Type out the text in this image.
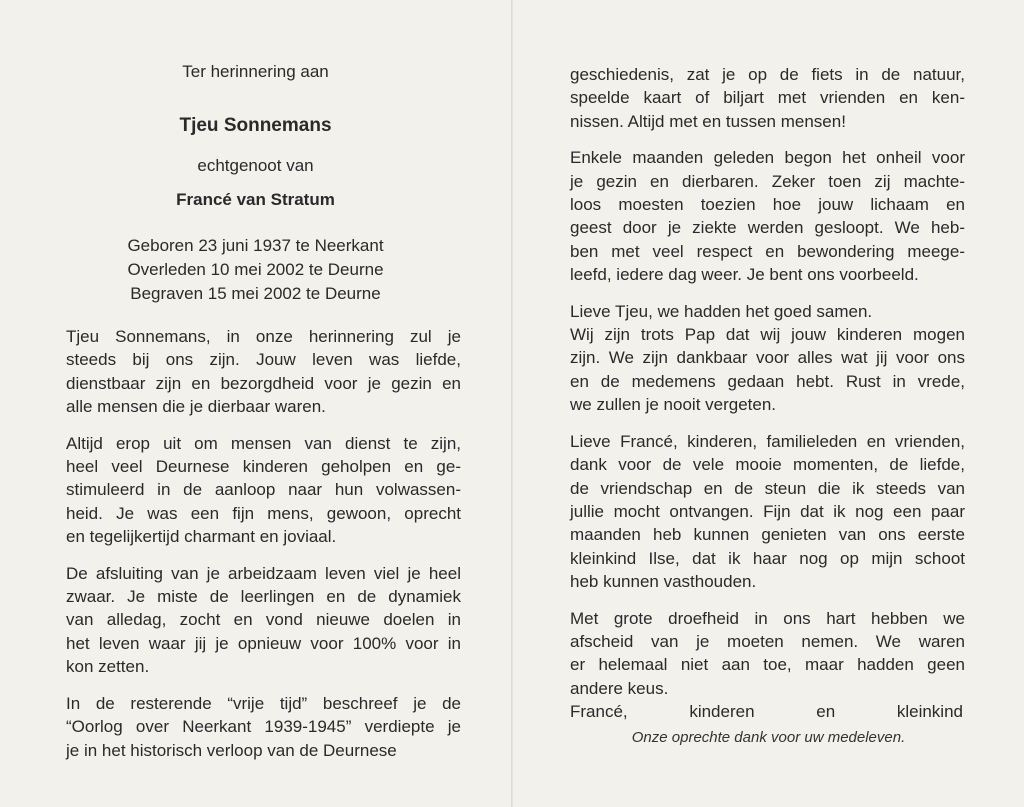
Ter herinnering aan
Tjeu Sonnemans
echtgenoot van
Francé van Stratum
Geboren 23 juni 1937 te Neerkant
Overleden 10 mei 2002 te Deurne
Begraven 15 mei 2002 te Deurne

Tjeu Sonnemans, in onze herinnering zul je
steeds bij ons zijn. Jouw leven was liefde,
dienstbaar zijn en bezorgdheid voor je gezin en
alle mensen die je dierbaar waren.

Altijd erop uit om mensen van dienst te zijn,
heel veel Deurnese kinderen geholpen en ge-
stimuleerd in de aanloop naar hun volwassen-
heid. Je was een fijn mens, gewoon, oprecht
en tegelijkertijd charmant en joviaal.

De afsluiting van je arbeidzaam leven viel je heel
zwaar. Je miste de leerlingen en de dynamiek
van alledag, zocht en vond nieuwe doelen in
het leven waar jij je opnieuw voor 100% voor in
kon zetten.

In de resterende “vrije tijd” beschreef je de
“Oorlog over Neerkant 1939-1945” verdiepte je
je in het historisch verloop van de Deurnese

geschiedenis, zat je op de fiets in de natuur,
speelde kaart of biljart met vrienden en ken-
nissen. Altijd met en tussen mensen!

Enkele maanden geleden begon het onheil voor
je gezin en dierbaren. Zeker toen zij machte-
loos moesten toezien hoe jouw lichaam en
geest door je ziekte werden gesloopt. We heb-
ben met veel respect en bewondering meege-
leefd, iedere dag weer. Je bent ons voorbeeld.

Lieve Tjeu, we hadden het goed samen.

Wij zijn trots Pap dat wij jouw kinderen mogen
zijn. We zijn dankbaar voor alles wat jij voor ons
en de medemens gedaan hebt. Rust in vrede,
we zullen je nooit vergeten.

Lieve Francé, kinderen, familieleden en vrienden,
dank voor de vele mooie momenten, de liefde,
de vriendschap en de steun die ik steeds van
jullie mocht ontvangen. Fijn dat ik nog een paar
maanden heb kunnen genieten van ons eerste
kleinkind Ilse, dat ik haar nog op mijn schoot
heb kunnen vasthouden.

Met grote droefheid in ons hart hebben we
afscheid van je moeten nemen. We waren
er helemaal niet aan toe, maar hadden geen
andere keus.

Francé, kinderen en kleinkind

Onze oprechte dank voor uw medeleven.
